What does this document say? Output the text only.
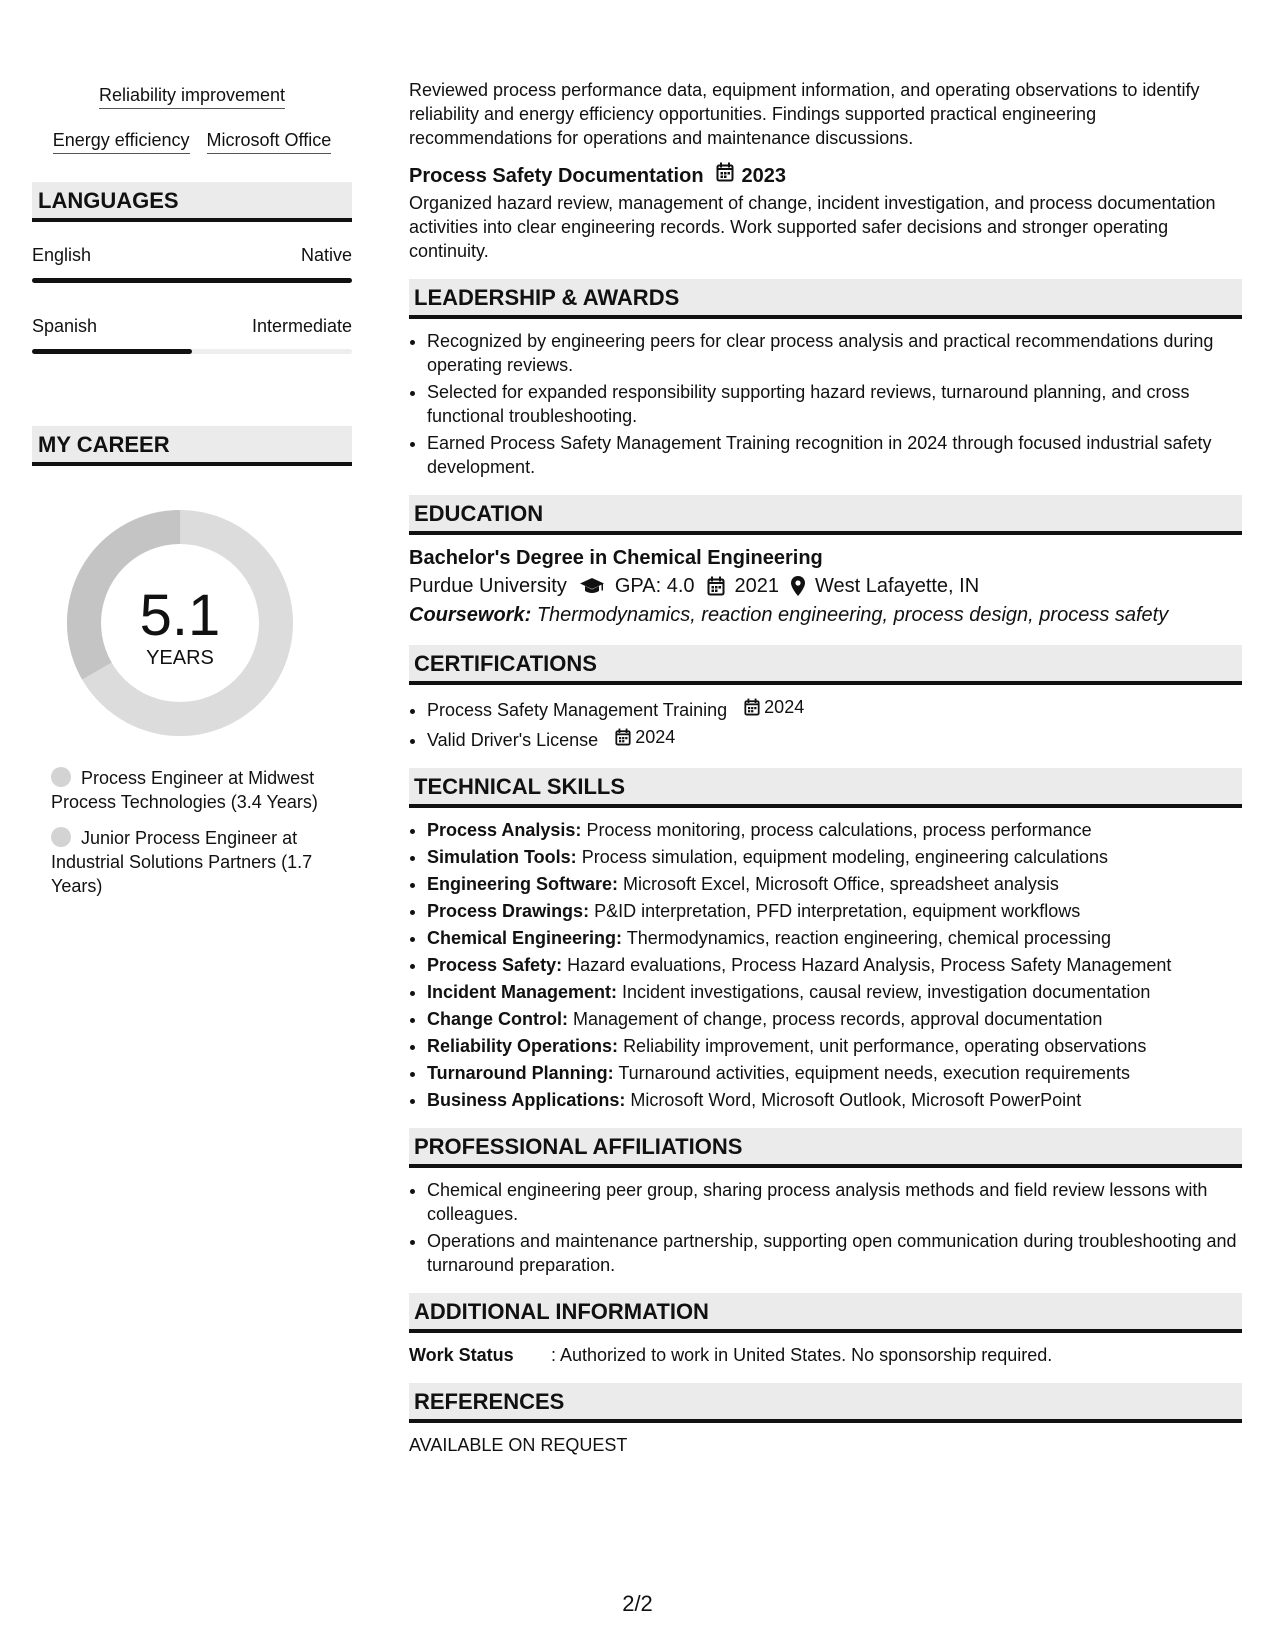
Reliability improvement
Energy efficiency Microsoft Office
LANGUAGES
English	Native
Spanish	Intermediate
MY CAREER
5.1
YEARS
Process Engineer at Midwest Process Technologies (3.4 Years)
Junior Process Engineer at Industrial Solutions Partners (1.7 Years)

Reviewed process performance data, equipment information, and operating observations to identify reliability and energy efficiency opportunities. Findings supported practical engineering recommendations for operations and maintenance discussions.

Process Safety Documentation 2023

Organized hazard review, management of change, incident investigation, and process documentation activities into clear engineering records. Work supported safer decisions and stronger operating continuity.

LEADERSHIP & AWARDS
• Recognized by engineering peers for clear process analysis and practical recommendations during operating reviews.
• Selected for expanded responsibility supporting hazard reviews, turnaround planning, and cross functional troubleshooting.
• Earned Process Safety Management Training recognition in 2024 through focused industrial safety development.
EDUCATION
Bachelor's Degree in Chemical Engineering
Purdue University GPA: 4.0 2021 West Lafayette, IN
Coursework: Thermodynamics, reaction engineering, process design, process safety
CERTIFICATIONS
• Process Safety Management Training 2024
• Valid Driver's License 2024
TECHNICAL SKILLS
• Process Analysis: Process monitoring, process calculations, process performance
• Simulation Tools: Process simulation, equipment modeling, engineering calculations
• Engineering Software: Microsoft Excel, Microsoft Office, spreadsheet analysis
• Process Drawings: P&ID interpretation, PFD interpretation, equipment workflows
• Chemical Engineering: Thermodynamics, reaction engineering, chemical processing
• Process Safety: Hazard evaluations, Process Hazard Analysis, Process Safety Management
• Incident Management: Incident investigations, causal review, investigation documentation
• Change Control: Management of change, process records, approval documentation
• Reliability Operations: Reliability improvement, unit performance, operating observations
• Turnaround Planning: Turnaround activities, equipment needs, execution requirements
• Business Applications: Microsoft Word, Microsoft Outlook, Microsoft PowerPoint
PROFESSIONAL AFFILIATIONS
• Chemical engineering peer group, sharing process analysis methods and field review lessons with colleagues.
• Operations and maintenance partnership, supporting open communication during troubleshooting and turnaround preparation.
ADDITIONAL INFORMATION
Work Status	: Authorized to work in United States. No sponsorship required.
REFERENCES

AVAILABLE ON REQUEST

2/2
